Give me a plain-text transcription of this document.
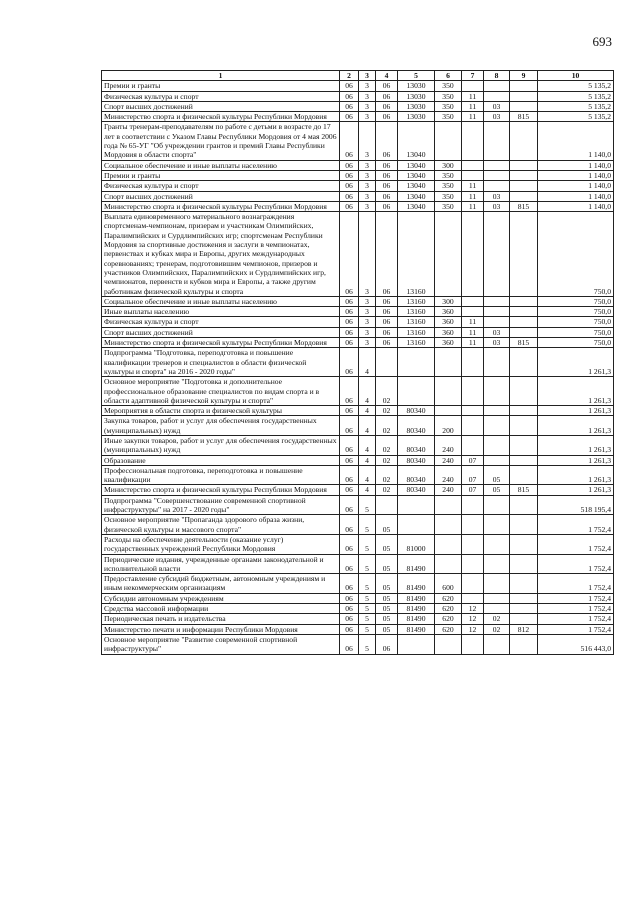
693
1	2	3	4	5	6	7	8	9	10
Премии и гранты	06	3	06	13030	350				5 135,2
Физическая культура и спорт	06	3	06	13030	350	11			5 135,2
Спорт высших достижений	06	3	06	13030	350	11	03		5 135,2
Министерство спорта и физической культуры Республики Мордовия	06	3	06	13030	350	11	03	815	5 135,2
Гранты тренерам-преподавателям по работе с детьми в возрасте до 17 лет в соответствии с Указом Главы Республики Мордовия от 4 мая 2006 года № 65-УГ "Об учреждении грантов и премий Главы Республики Мордовия в области спорта"	06	3	06	13040					1 140,0
Социальное обеспечение и иные выплаты населению	06	3	06	13040	300				1 140,0
Премии и гранты	06	3	06	13040	350				1 140,0
Физическая культура и спорт	06	3	06	13040	350	11			1 140,0
Спорт высших достижений	06	3	06	13040	350	11	03		1 140,0
Министерство спорта и физической культуры Республики Мордовия	06	3	06	13040	350	11	03	815	1 140,0
Выплата единовременного материального вознаграждения спортсменам-чемпионам, призерам и участникам Олимпийских, Паралимпийских и Сурдлимпийских игр; спортсменам Республики Мордовия за спортивные достижения и заслуги в чемпионатах, первенствах и кубках мира и Европы, других международных соревнованиях; тренерам, подготовившим чемпионов, призеров и участников Олимпийских, Паралимпийских и Сурдлимпийских игр, чемпионатов, первенств и кубков мира и Европы, а также другим работникам физической культуры и спорта	06	3	06	13160					750,0
Социальное обеспечение и иные выплаты населению	06	3	06	13160	300				750,0
Иные выплаты населению	06	3	06	13160	360				750,0
Физическая культура и спорт	06	3	06	13160	360	11			750,0
Спорт высших достижений	06	3	06	13160	360	11	03		750,0
Министерство спорта и физической культуры Республики Мордовия	06	3	06	13160	360	11	03	815	750,0
Подпрограмма "Подготовка, переподготовка и повышение квалификации тренеров и специалистов в области физической культуры и спорта" на 2016 - 2020 годы"	06	4							1 261,3
Основное мероприятие "Подготовка и дополнительное профессиональное образование специалистов по видам спорта и в области адаптивной физической культуры и спорта"	06	4	02						1 261,3
Мероприятия в области спорта и физической культуры	06	4	02	80340					1 261,3
Закупка товаров, работ и услуг для обеспечения государственных (муниципальных) нужд	06	4	02	80340	200				1 261,3
Иные закупки товаров, работ и услуг для обеспечения государственных (муниципальных) нужд	06	4	02	80340	240				1 261,3
Образование	06	4	02	80340	240	07			1 261,3
Профессиональная подготовка, переподготовка и повышение квалификации	06	4	02	80340	240	07	05		1 261,3
Министерство спорта и физической культуры Республики Мордовия	06	4	02	80340	240	07	05	815	1 261,3
Подпрограмма "Совершенствование современной спортивной инфраструктуры" на 2017 - 2020 годы"	06	5							518 195,4
Основное мероприятие "Пропаганда здорового образа жизни, физической культуры и массового спорта"	06	5	05						1 752,4
Расходы на обеспечение деятельности (оказание услуг) государственных учреждений Республики Мордовия	06	5	05	81000					1 752,4
Периодические издания, учрежденные органами законодательной и исполнительной власти	06	5	05	81490					1 752,4
Предоставление субсидий бюджетным, автономным учреждениям и иным некоммерческим организациям	06	5	05	81490	600				1 752,4
Субсидии автономным учреждениям	06	5	05	81490	620				1 752,4
Средства массовой информации	06	5	05	81490	620	12			1 752,4
Периодическая печать и издательства	06	5	05	81490	620	12	02		1 752,4
Министерство печати и информации Республики Мордовия	06	5	05	81490	620	12	02	812	1 752,4
Основное мероприятие "Развитие современной спортивной инфраструктуры"	06	5	06						516 443,0
